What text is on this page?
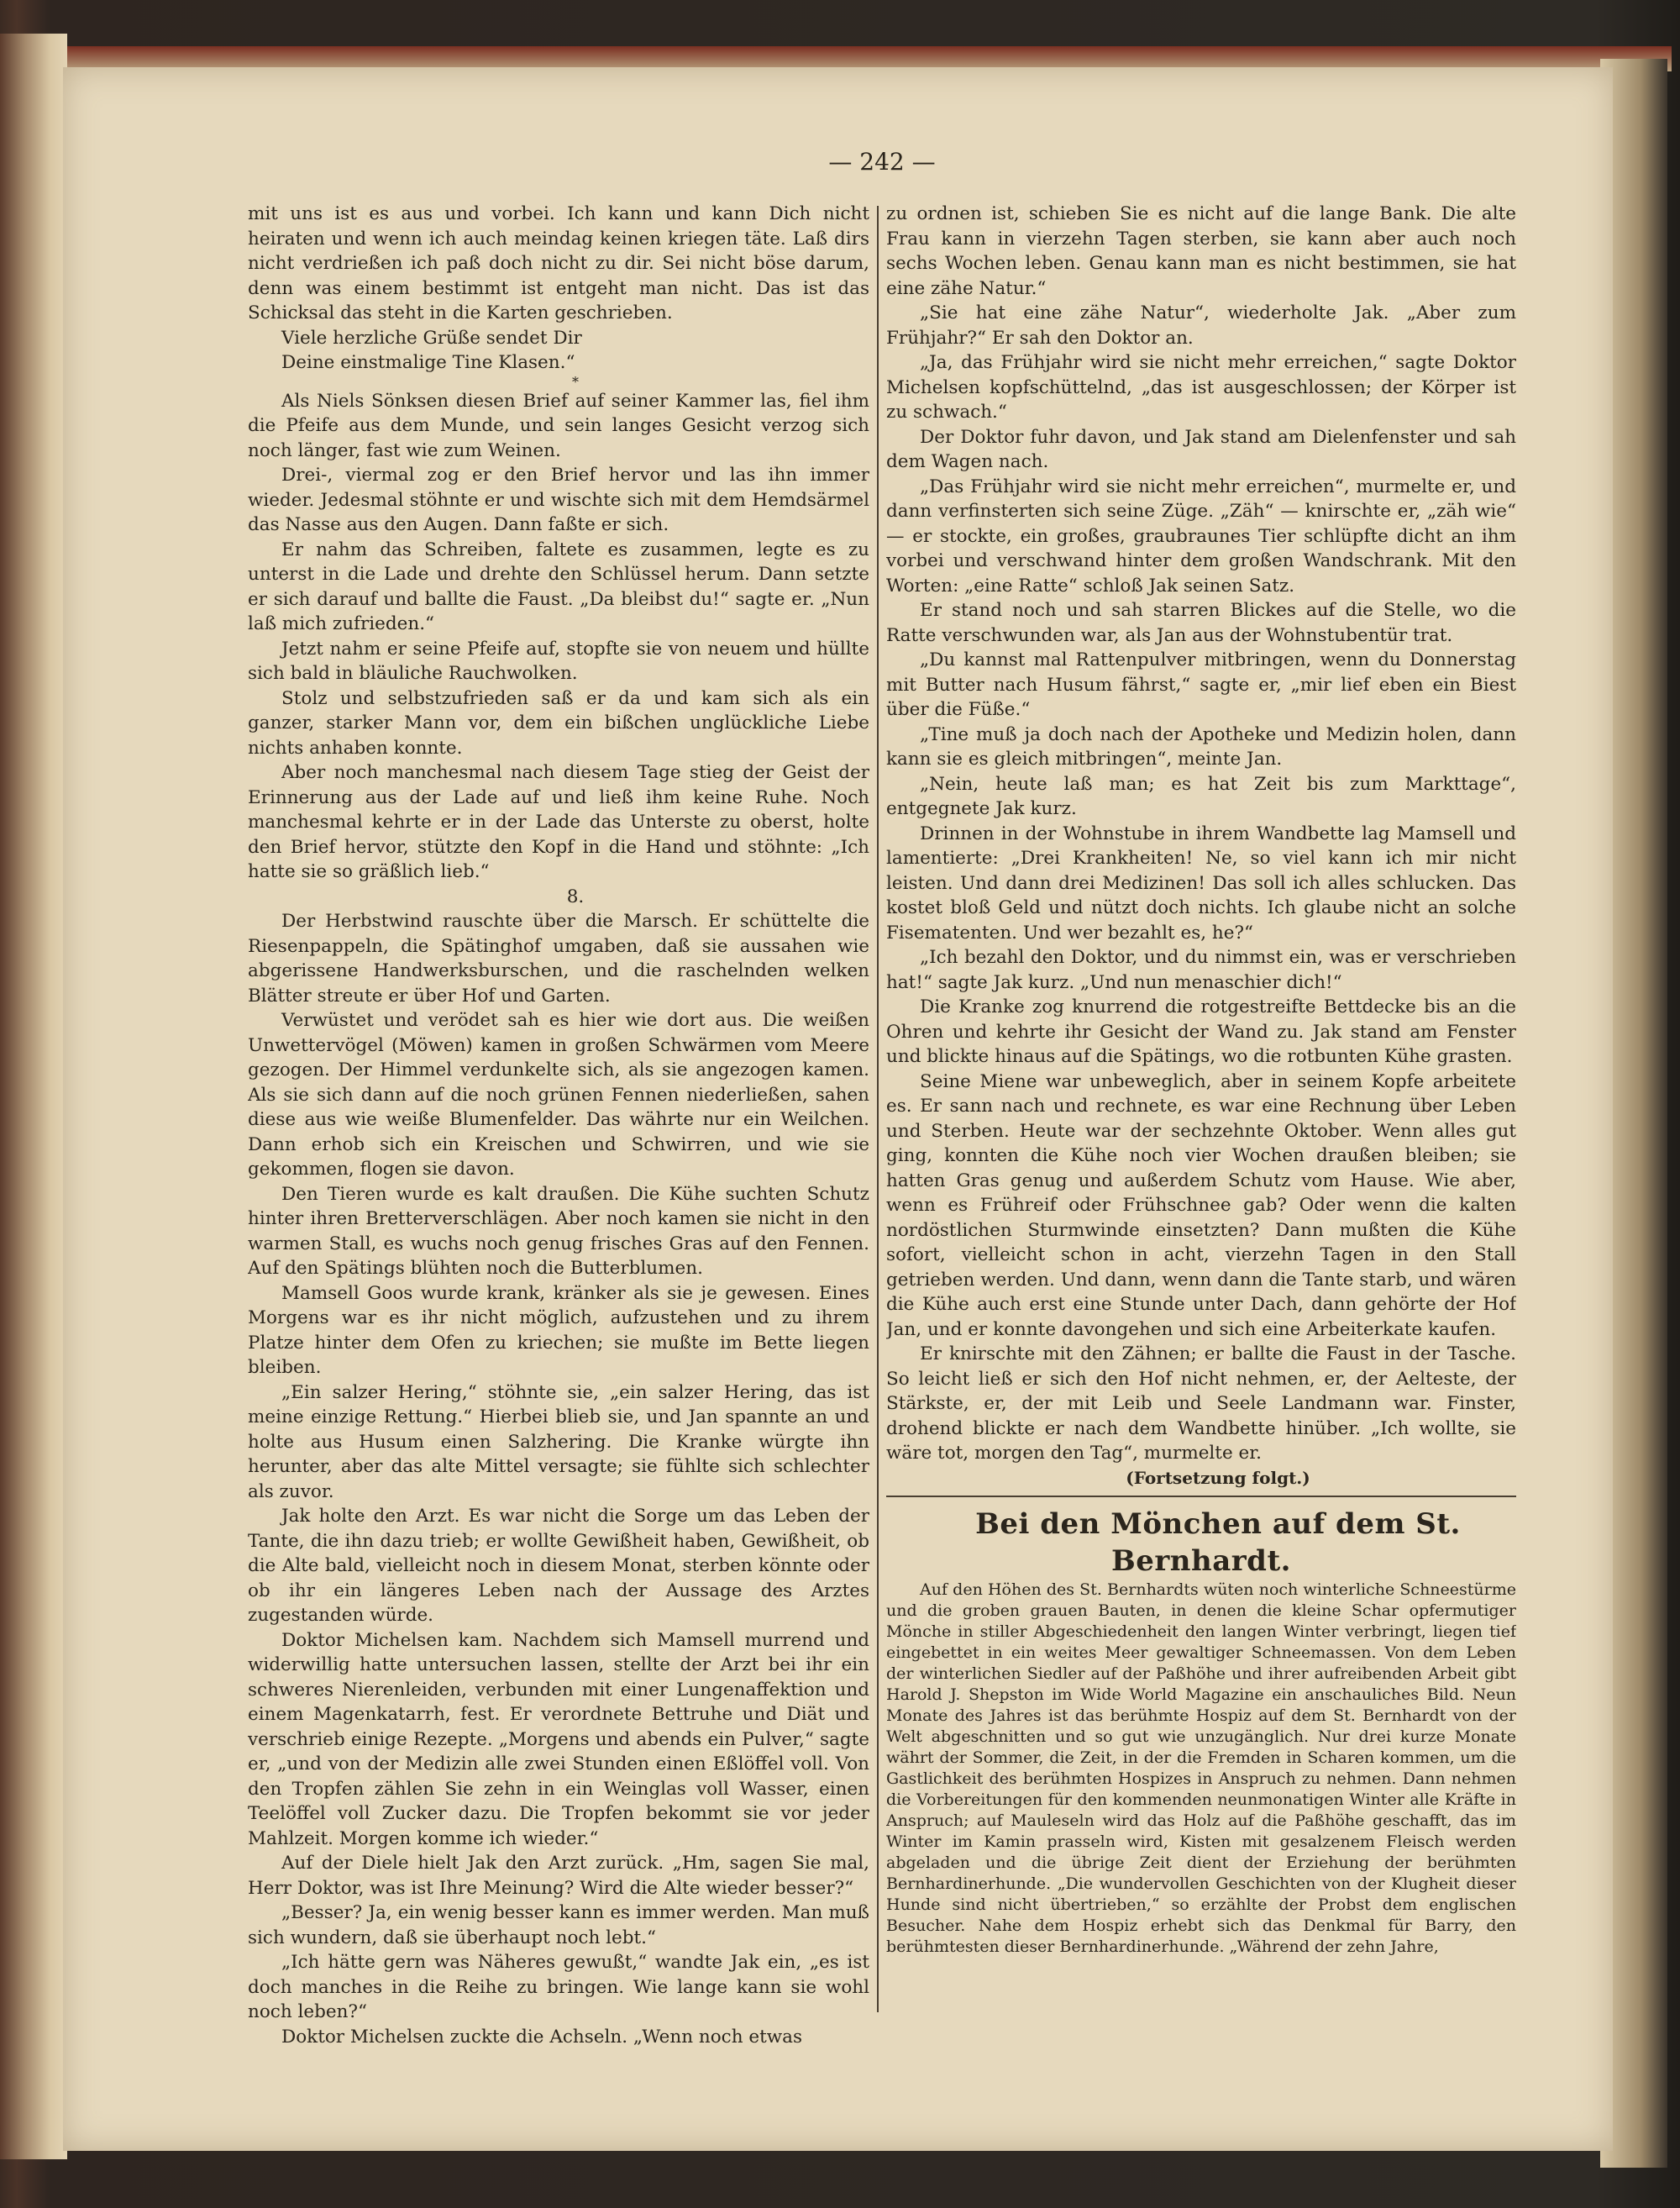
— 242 —

mit uns ist es aus und vorbei. Ich kann und kann Dich nicht heiraten und wenn ich auch meindag keinen kriegen täte. Laß dirs nicht verdrießen ich paß doch nicht zu dir. Sei nicht böse darum, denn was einem bestimmt ist entgeht man nicht. Das ist das Schicksal das steht in die Karten geschrieben.

Viele herzliche Grüße sendet Dir

Deine einstmalige Tine Klasen.“

*

Als Niels Sönksen diesen Brief auf seiner Kammer las, fiel ihm die Pfeife aus dem Munde, und sein langes Gesicht verzog sich noch länger, fast wie zum Weinen.

Drei-, viermal zog er den Brief hervor und las ihn immer wieder. Jedesmal stöhnte er und wischte sich mit dem Hemdsärmel das Nasse aus den Augen. Dann faßte er sich.

Er nahm das Schreiben, faltete es zusammen, legte es zu unterst in die Lade und drehte den Schlüssel herum. Dann setzte er sich darauf und ballte die Faust. „Da bleibst du!“ sagte er. „Nun laß mich zufrieden.“

Jetzt nahm er seine Pfeife auf, stopfte sie von neuem und hüllte sich bald in bläuliche Rauchwolken.

Stolz und selbstzufrieden saß er da und kam sich als ein ganzer, starker Mann vor, dem ein bißchen unglückliche Liebe nichts anhaben konnte.

Aber noch manchesmal nach diesem Tage stieg der Geist der Erinnerung aus der Lade auf und ließ ihm keine Ruhe. Noch manchesmal kehrte er in der Lade das Unterste zu oberst, holte den Brief hervor, stützte den Kopf in die Hand und stöhnte: „Ich hatte sie so gräßlich lieb.“

8.

Der Herbstwind rauschte über die Marsch. Er schüttelte die Riesenpappeln, die Spätinghof umgaben, daß sie aussahen wie abgerissene Handwerksburschen, und die raschelnden welken Blätter streute er über Hof und Garten.

Verwüstet und verödet sah es hier wie dort aus. Die weißen Unwettervögel (Möwen) kamen in großen Schwärmen vom Meere gezogen. Der Himmel verdunkelte sich, als sie angezogen kamen. Als sie sich dann auf die noch grünen Fennen niederließen, sahen diese aus wie weiße Blumenfelder. Das währte nur ein Weilchen. Dann erhob sich ein Kreischen und Schwirren, und wie sie gekommen, flogen sie davon.

Den Tieren wurde es kalt draußen. Die Kühe suchten Schutz hinter ihren Bretterverschlägen. Aber noch kamen sie nicht in den warmen Stall, es wuchs noch genug frisches Gras auf den Fennen. Auf den Spätings blühten noch die Butterblumen.

Mamsell Goos wurde krank, kränker als sie je gewesen. Eines Morgens war es ihr nicht möglich, aufzustehen und zu ihrem Platze hinter dem Ofen zu kriechen; sie mußte im Bette liegen bleiben.

„Ein salzer Hering,“ stöhnte sie, „ein salzer Hering, das ist meine einzige Rettung.“ Hierbei blieb sie, und Jan spannte an und holte aus Husum einen Salzhering. Die Kranke würgte ihn herunter, aber das alte Mittel versagte; sie fühlte sich schlechter als zuvor.

Jak holte den Arzt. Es war nicht die Sorge um das Leben der Tante, die ihn dazu trieb; er wollte Gewißheit haben, Gewißheit, ob die Alte bald, vielleicht noch in diesem Monat, sterben könnte oder ob ihr ein längeres Leben nach der Aussage des Arztes zugestanden würde.

Doktor Michelsen kam. Nachdem sich Mamsell murrend und widerwillig hatte untersuchen lassen, stellte der Arzt bei ihr ein schweres Nierenleiden, verbunden mit einer Lungenaffektion und einem Magenkatarrh, fest. Er verordnete Bettruhe und Diät und verschrieb einige Rezepte. „Morgens und abends ein Pulver,“ sagte er, „und von der Medizin alle zwei Stunden einen Eßlöffel voll. Von den Tropfen zählen Sie zehn in ein Weinglas voll Wasser, einen Teelöffel voll Zucker dazu. Die Tropfen bekommt sie vor jeder Mahlzeit. Morgen komme ich wieder.“

Auf der Diele hielt Jak den Arzt zurück. „Hm, sagen Sie mal, Herr Doktor, was ist Ihre Meinung? Wird die Alte wieder besser?“

„Besser? Ja, ein wenig besser kann es immer werden. Man muß sich wundern, daß sie überhaupt noch lebt.“

„Ich hätte gern was Näheres gewußt,“ wandte Jak ein, „es ist doch manches in die Reihe zu bringen. Wie lange kann sie wohl noch leben?“

Doktor Michelsen zuckte die Achseln. „Wenn noch etwas

zu ordnen ist, schieben Sie es nicht auf die lange Bank. Die alte Frau kann in vierzehn Tagen sterben, sie kann aber auch noch sechs Wochen leben. Genau kann man es nicht bestimmen, sie hat eine zähe Natur.“

„Sie hat eine zähe Natur“, wiederholte Jak. „Aber zum Frühjahr?“ Er sah den Doktor an.

„Ja, das Frühjahr wird sie nicht mehr erreichen,“ sagte Doktor Michelsen kopfschüttelnd, „das ist ausgeschlossen; der Körper ist zu schwach.“

Der Doktor fuhr davon, und Jak stand am Dielenfenster und sah dem Wagen nach.

„Das Frühjahr wird sie nicht mehr erreichen“, murmelte er, und dann verfinsterten sich seine Züge. „Zäh“ — knirschte er, „zäh wie“ — er stockte, ein großes, graubraunes Tier schlüpfte dicht an ihm vorbei und verschwand hinter dem großen Wandschrank. Mit den Worten: „eine Ratte“ schloß Jak seinen Satz.

Er stand noch und sah starren Blickes auf die Stelle, wo die Ratte verschwunden war, als Jan aus der Wohnstubentür trat.

„Du kannst mal Rattenpulver mitbringen, wenn du Donnerstag mit Butter nach Husum fährst,“ sagte er, „mir lief eben ein Biest über die Füße.“

„Tine muß ja doch nach der Apotheke und Medizin holen, dann kann sie es gleich mitbringen“, meinte Jan.

„Nein, heute laß man; es hat Zeit bis zum Markttage“, entgegnete Jak kurz.

Drinnen in der Wohnstube in ihrem Wandbette lag Mamsell und lamentierte: „Drei Krankheiten! Ne, so viel kann ich mir nicht leisten. Und dann drei Medizinen! Das soll ich alles schlucken. Das kostet bloß Geld und nützt doch nichts. Ich glaube nicht an solche Fisematenten. Und wer bezahlt es, he?“

„Ich bezahl den Doktor, und du nimmst ein, was er verschrieben hat!“ sagte Jak kurz. „Und nun menaschier dich!“

Die Kranke zog knurrend die rotgestreifte Bettdecke bis an die Ohren und kehrte ihr Gesicht der Wand zu. Jak stand am Fenster und blickte hinaus auf die Spätings, wo die rotbunten Kühe grasten.

Seine Miene war unbeweglich, aber in seinem Kopfe arbeitete es. Er sann nach und rechnete, es war eine Rechnung über Leben und Sterben. Heute war der sechzehnte Oktober. Wenn alles gut ging, konnten die Kühe noch vier Wochen draußen bleiben; sie hatten Gras genug und außerdem Schutz vom Hause. Wie aber, wenn es Frühreif oder Frühschnee gab? Oder wenn die kalten nordöstlichen Sturmwinde einsetzten? Dann mußten die Kühe sofort, vielleicht schon in acht, vierzehn Tagen in den Stall getrieben werden. Und dann, wenn dann die Tante starb, und wären die Kühe auch erst eine Stunde unter Dach, dann gehörte der Hof Jan, und er konnte davongehen und sich eine Arbeiterkate kaufen.

Er knirschte mit den Zähnen; er ballte die Faust in der Tasche. So leicht ließ er sich den Hof nicht nehmen, er, der Aelteste, der Stärkste, er, der mit Leib und Seele Landmann war. Finster, drohend blickte er nach dem Wandbette hinüber. „Ich wollte, sie wäre tot, morgen den Tag“, murmelte er.

(Fortsetzung folgt.)

Bei den Mönchen auf dem St. Bernhardt.

Auf den Höhen des St. Bernhardts wüten noch winterliche Schneestürme und die groben grauen Bauten, in denen die kleine Schar opfermutiger Mönche in stiller Abgeschiedenheit den langen Winter verbringt, liegen tief eingebettet in ein weites Meer gewaltiger Schneemassen. Von dem Leben der winterlichen Siedler auf der Paßhöhe und ihrer aufreibenden Arbeit gibt Harold J. Shepston im Wide World Magazine ein anschauliches Bild. Neun Monate des Jahres ist das berühmte Hospiz auf dem St. Bernhardt von der Welt abgeschnitten und so gut wie unzugänglich. Nur drei kurze Monate währt der Sommer, die Zeit, in der die Fremden in Scharen kommen, um die Gastlichkeit des berühmten Hospizes in Anspruch zu nehmen. Dann nehmen die Vorbereitungen für den kommenden neunmonatigen Winter alle Kräfte in Anspruch; auf Mauleseln wird das Holz auf die Paßhöhe geschafft, das im Winter im Kamin prasseln wird, Kisten mit gesalzenem Fleisch werden abgeladen und die übrige Zeit dient der Erziehung der berühmten Bernhardinerhunde. „Die wundervollen Geschichten von der Klugheit dieser Hunde sind nicht übertrieben,“ so erzählte der Probst dem englischen Besucher. Nahe dem Hospiz erhebt sich das Denkmal für Barry, den berühmtesten dieser Bernhardinerhunde. „Während der zehn Jahre,
